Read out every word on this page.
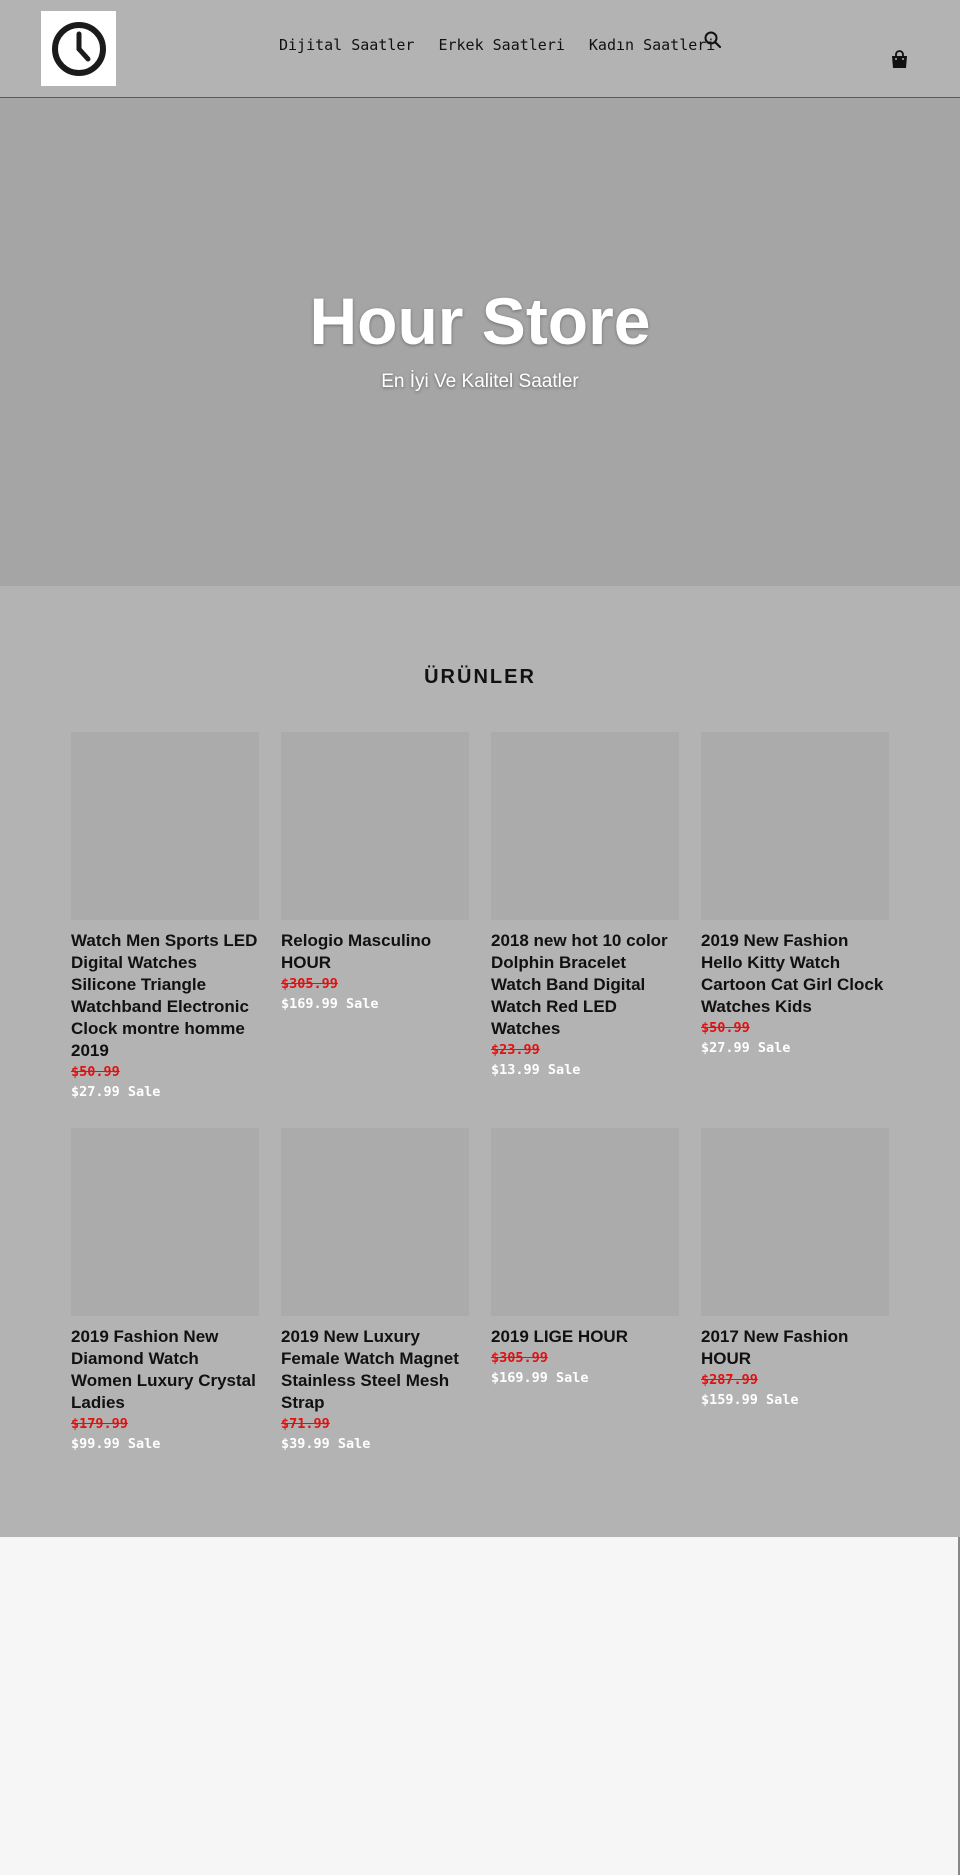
Dijital Saatler Erkek Saatleri Kadın Saatleri
Hour Store

En İyi Ve Kalitel Saatler

ÜRÜNLER
Watch Men Sports LED Digital Watches Silicone Triangle Watchband Electronic Clock montre homme 2019
$50.99
$27.99 Sale
Relogio Masculino HOUR
$305.99
$169.99 Sale
2018 new hot 10 color Dolphin Bracelet Watch Band Digital Watch Red LED Watches
$23.99
$13.99 Sale
2019 New Fashion Hello Kitty Watch Cartoon Cat Girl Clock Watches Kids
$50.99
$27.99 Sale
2019 Fashion New Diamond Watch Women Luxury Crystal Ladies
$179.99
$99.99 Sale
2019 New Luxury Female Watch Magnet Stainless Steel Mesh Strap
$71.99
$39.99 Sale
2019 LIGE HOUR
$305.99
$169.99 Sale
2017 New Fashion HOUR
$287.99
$159.99 Sale
